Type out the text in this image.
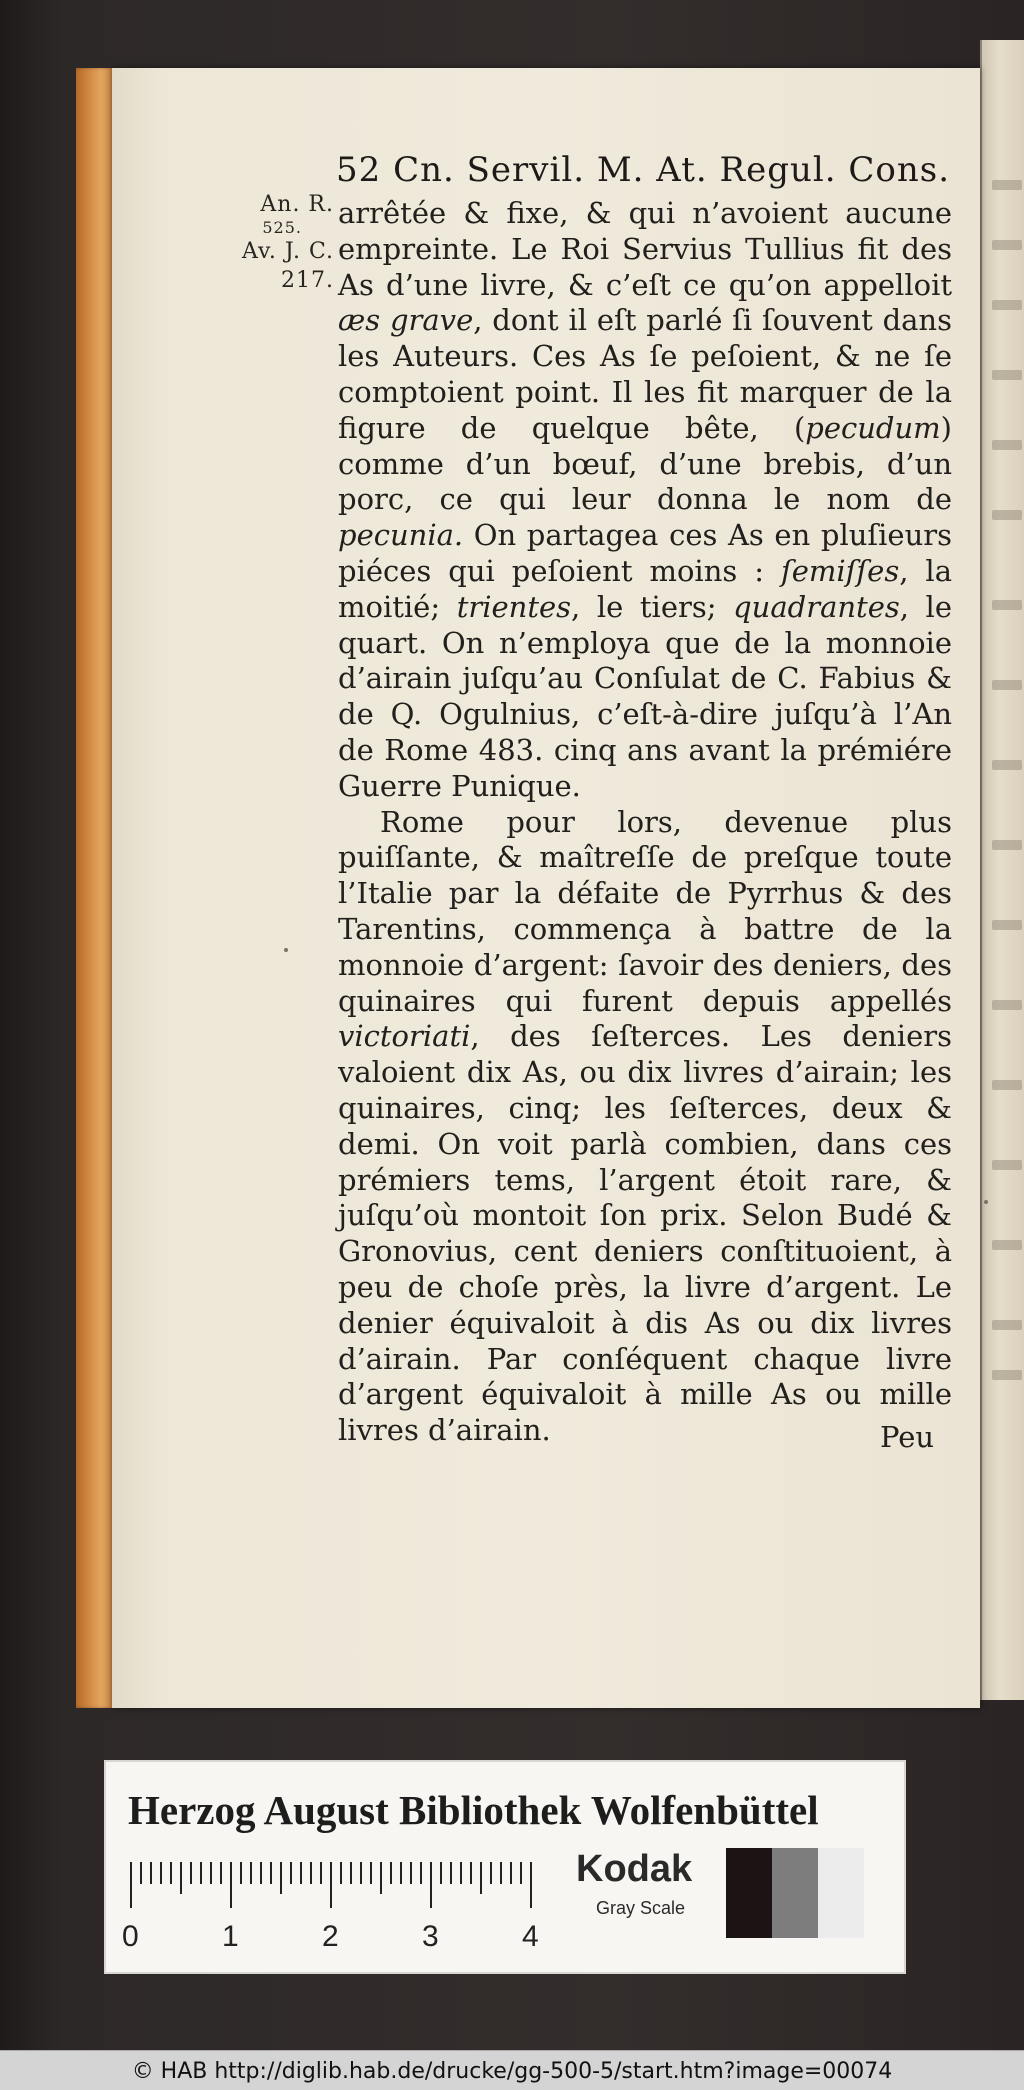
52 Cn. Servil. M. At. Regul. Cons.
An. R.
525.
Av. J. C.
217.

arrêtée & fixe, & qui n’avoient aucune empreinte. Le Roi Servius Tullius fit des As d’une livre, & c’eſt ce qu’on appelloit æs grave, dont il eſt parlé ſi ſouvent dans les Auteurs. Ces As ſe peſoient, & ne ſe comptoient point. Il les fit marquer de la figure de quelque bête, (pecudum) comme d’un bœuf, d’une brebis, d’un porc, ce qui leur donna le nom de pecunia. On partagea ces As en pluſieurs piéces qui peſoient moins : ſemiſſes, la moitié; trientes, le tiers; quadrantes, le quart. On n’employa que de la monnoie d’airain juſqu’au Conſulat de C. Fabius & de Q. Ogulnius, c’eſt-à-dire juſqu’à l’An de Rome 483. cinq ans avant la prémiére Guerre Punique.

Rome pour lors, devenue plus puiſſante, & maîtreſſe de preſque toute l’Italie par la défaite de Pyrrhus & des Tarentins, commença à battre de la monnoie d’argent: ſavoir des deniers, des quinaires qui furent depuis appellés victoriati, des ſeſterces. Les deniers valoient dix As, ou dix livres d’airain; les quinaires, cinq; les ſeſterces, deux & demi. On voit parlà combien, dans ces prémiers tems, l’argent étoit rare, & juſqu’où montoit ſon prix. Selon Budé & Gronovius, cent deniers conſtituoient, à peu de choſe près, la livre d’argent. Le denier équivaloit à dis As ou dix livres d’airain. Par conſéquent chaque livre d’argent équivaloit à mille As ou mille livres d’airain.	Peu
Herzog August Bibliothek Wolfenbüttel
0	1	2	3	4
Kodak
Gray Scale
© HAB http://diglib.hab.de/drucke/gg-500-5/start.htm?image=00074
